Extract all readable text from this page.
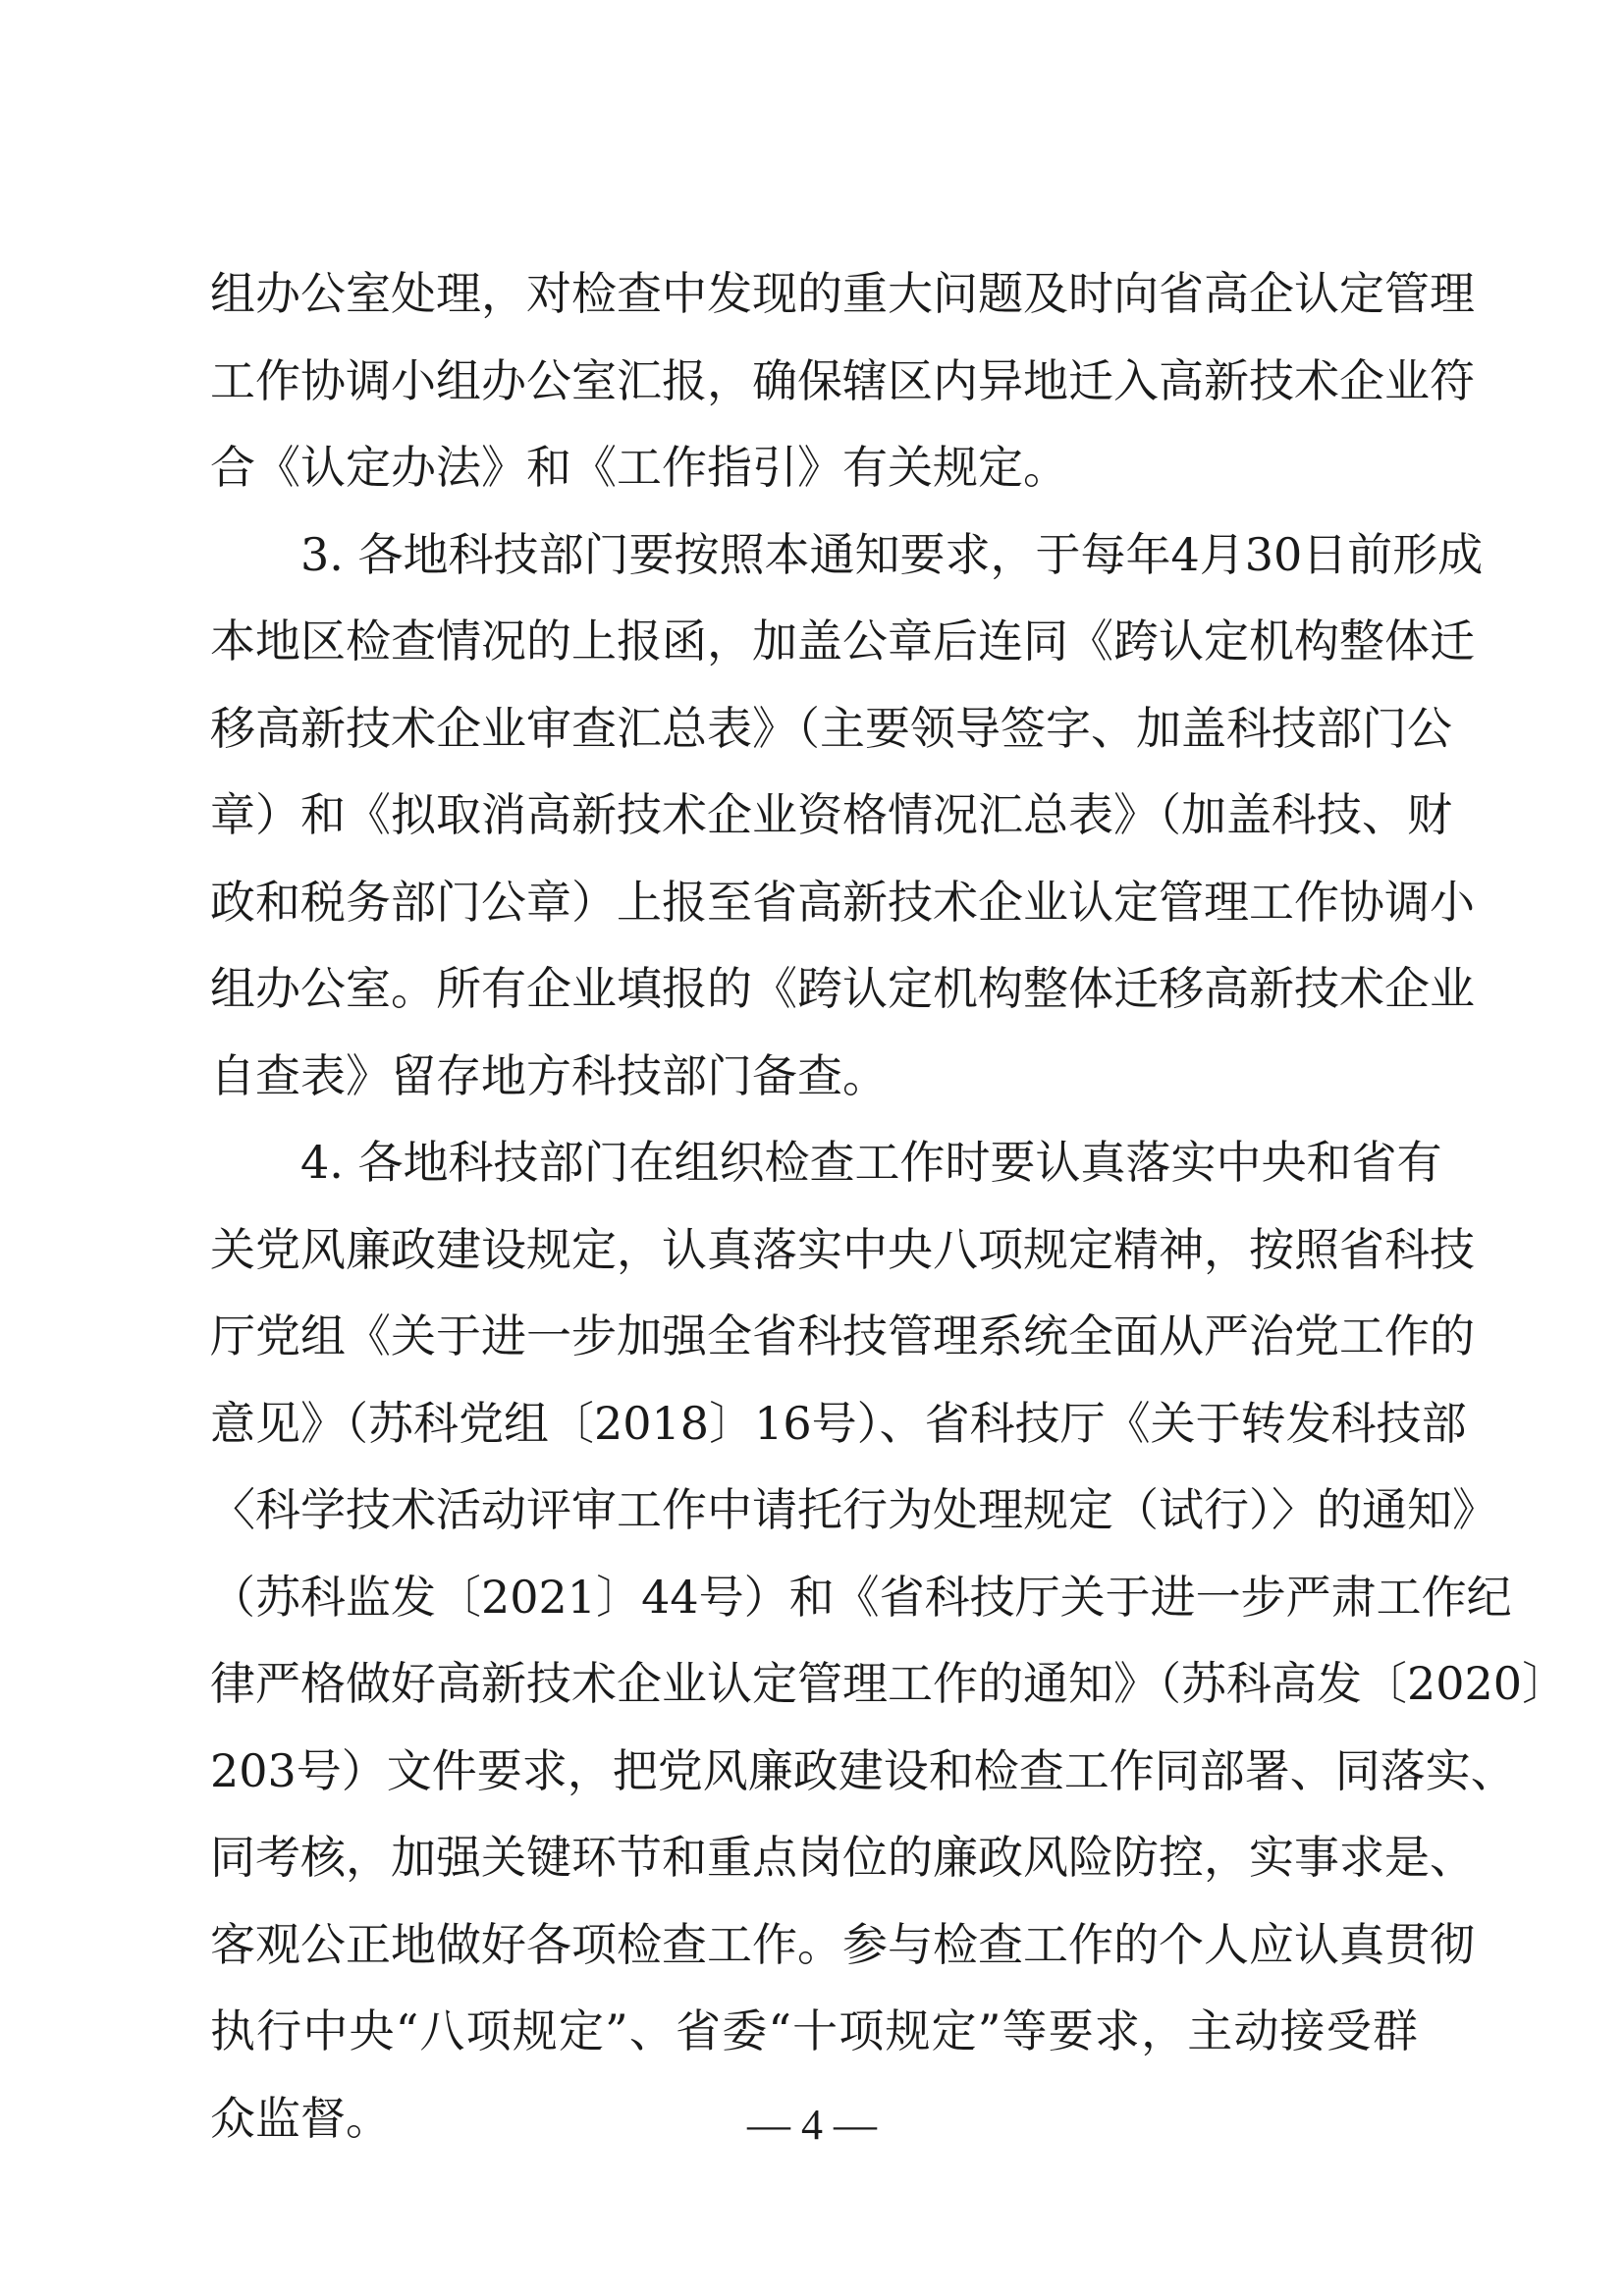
组办公室处理，对检查中发现的重大问题及时向省高企认定管理
工作协调小组办公室汇报，确保辖区内异地迁入高新技术企业符
合《认定办法》和《工作指引》有关规定。
3. 各地科技部门要按照本通知要求，于每年4月30日前形成
本地区检查情况的上报函，加盖公章后连同《跨认定机构整体迁
移高新技术企业审查汇总表》（主要领导签字、加盖科技部门公
章）和《拟取消高新技术企业资格情况汇总表》（加盖科技、财
政和税务部门公章）上报至省高新技术企业认定管理工作协调小
组办公室。所有企业填报的《跨认定机构整体迁移高新技术企业
自查表》留存地方科技部门备查。
4. 各地科技部门在组织检查工作时要认真落实中央和省有
关党风廉政建设规定，认真落实中央八项规定精神，按照省科技
厅党组《关于进一步加强全省科技管理系统全面从严治党工作的
意见》（苏科党组〔2018〕16号）、省科技厅《关于转发科技部
〈科学技术活动评审工作中请托行为处理规定（试行）〉的通知》
（苏科监发〔2021〕44号）和《省科技厅关于进一步严肃工作纪
律严格做好高新技术企业认定管理工作的通知》（苏科高发〔2020〕
203号）文件要求，把党风廉政建设和检查工作同部署、同落实、
同考核，加强关键环节和重点岗位的廉政风险防控，实事求是、
客观公正地做好各项检查工作。参与检查工作的个人应认真贯彻
执行中央“八项规定”、省委“十项规定”等要求，主动接受群
众监督。	— 4 —
